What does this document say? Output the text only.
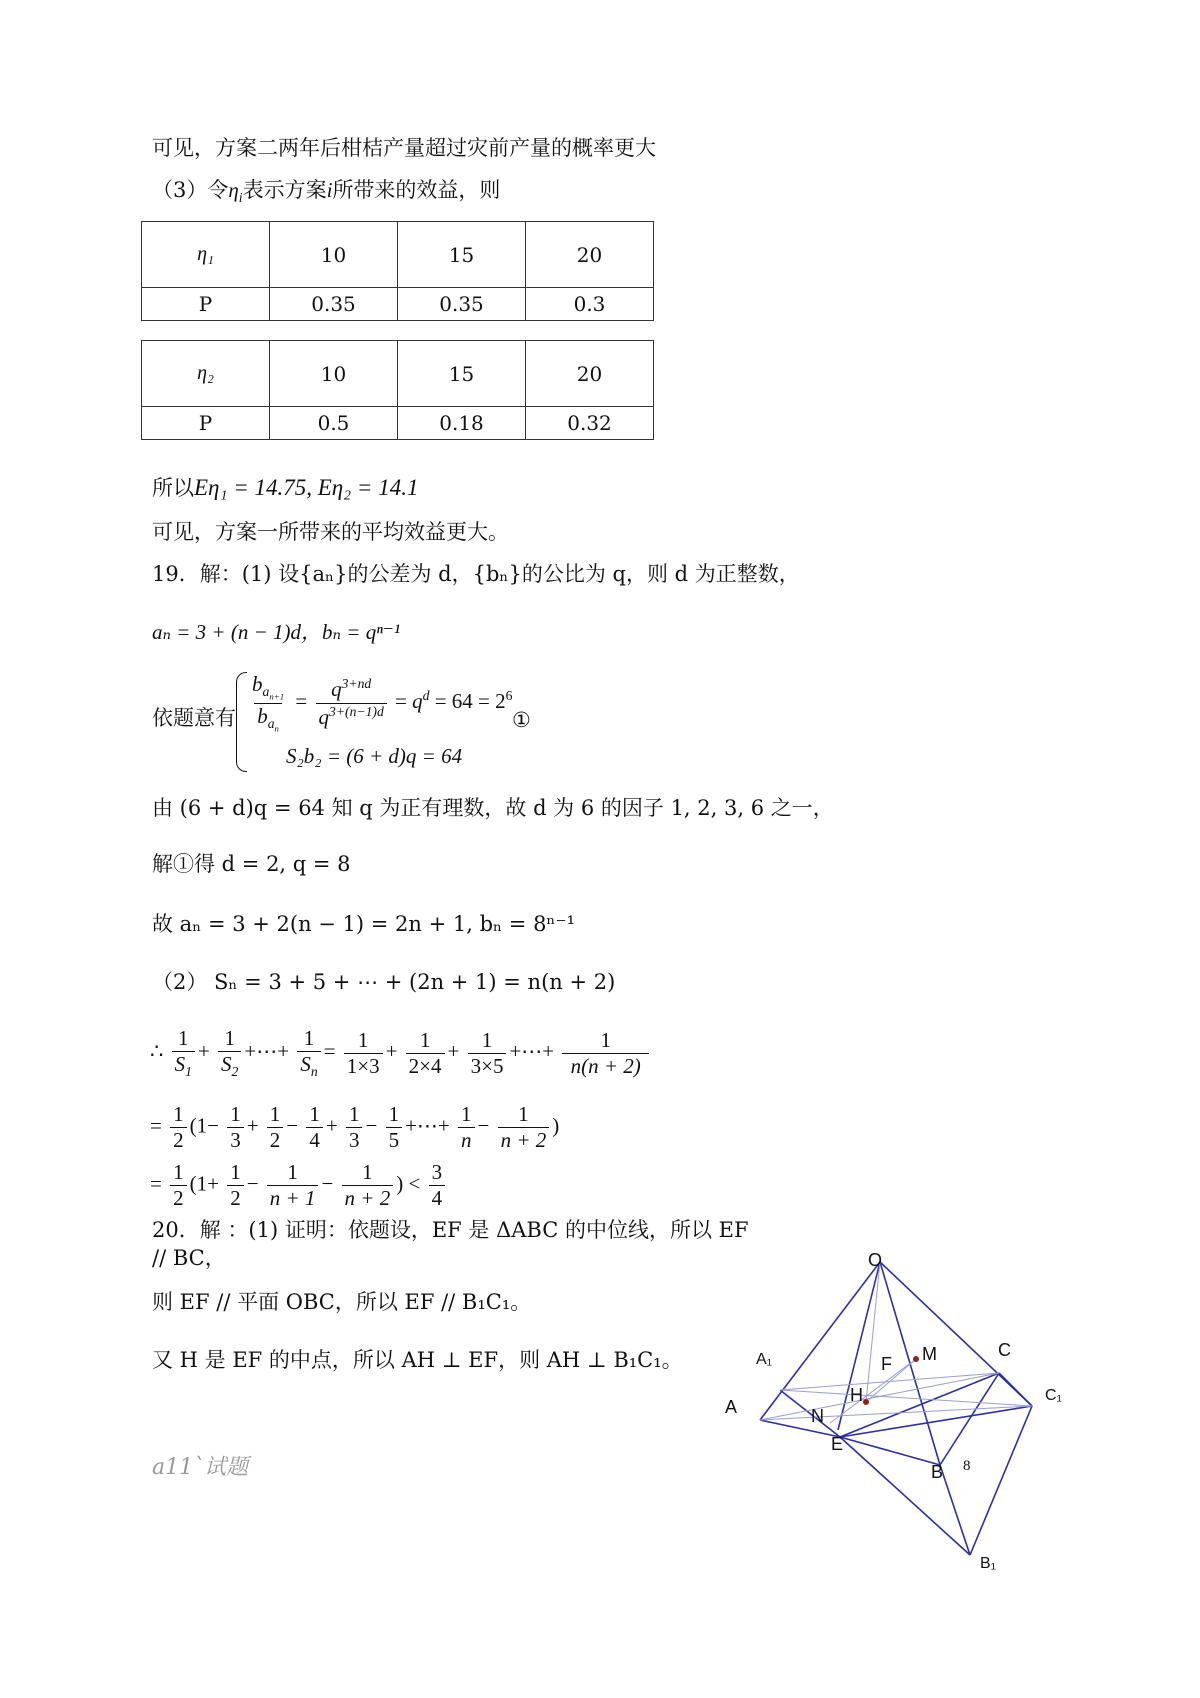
可见，方案二两年后柑桔产量超过灾前产量的概率更大
（3）令$\eta_i$表示方案i所带来的效益，则
η₁	10	15	20
P	0.35	0.35	0.3
η₂	10	15	20
P	0.5	0.18	0.32
所以Eη₁ = 14.75, Eη₂ = 14.1
可见，方案一所带来的平均效益更大。
19．解：(1) 设{aₙ}的公差为 d，{bₙ}的公比为 q，则 d 为正整数，
aₙ = 3 + (n − 1)d，bₙ = qⁿ⁻¹
依题意有 $\frac{b_{a_{n+1}}}{b_{a_n}} = \frac{q^{3+nd}}{q^{3+(n-1)d}} = q^d = 64 = 2^6$
①
S₂b₂ = (6 + d)q = 64
由 (6 + d)q = 64 知 q 为正有理数，故 d 为 6 的因子 1, 2, 3, 6 之一，
解①得 d = 2, q = 8
故 aₙ = 3 + 2(n − 1) = 2n + 1, bₙ = 8ⁿ⁻¹
（2） Sₙ = 3 + 5 + ⋯ + (2n + 1) = n(n + 2)
∴ $\frac{1}{S_1} + \frac{1}{S_2}$ +⋯+ $\frac{1}{S_n} = \frac{1}{1\times 3} + \frac{1}{2\times 4} + \frac{1}{3\times 5}$ +⋯+ $\frac{1}{n(n + 2)}$
= $\frac{1}{2} (1- \frac{1}{3} + \frac{1}{2} - \frac{1}{4} + \frac{1}{3} - \frac{1}{5}$ +⋯+ $\frac{1}{n} - \frac{1}{n + 2}$ )
= $\frac{1}{2} (1+ \frac{1}{2} - \frac{1}{n + 1} - \frac{1}{n + 2}$ ) < $\frac{3}{4}$
20．解 ：(1) 证明：依题设，EF 是 ΔABC 的中位线，所以 EF
// BC，
则 EF // 平面 OBC，所以 EF // B₁C₁。
又 H 是 EF 的中点，所以 AH ⊥ EF，则 AH ⊥ B₁C₁。
a11`试题
O
A₁	F M	C
H	C₁
A	N
E
B 8
B₁
